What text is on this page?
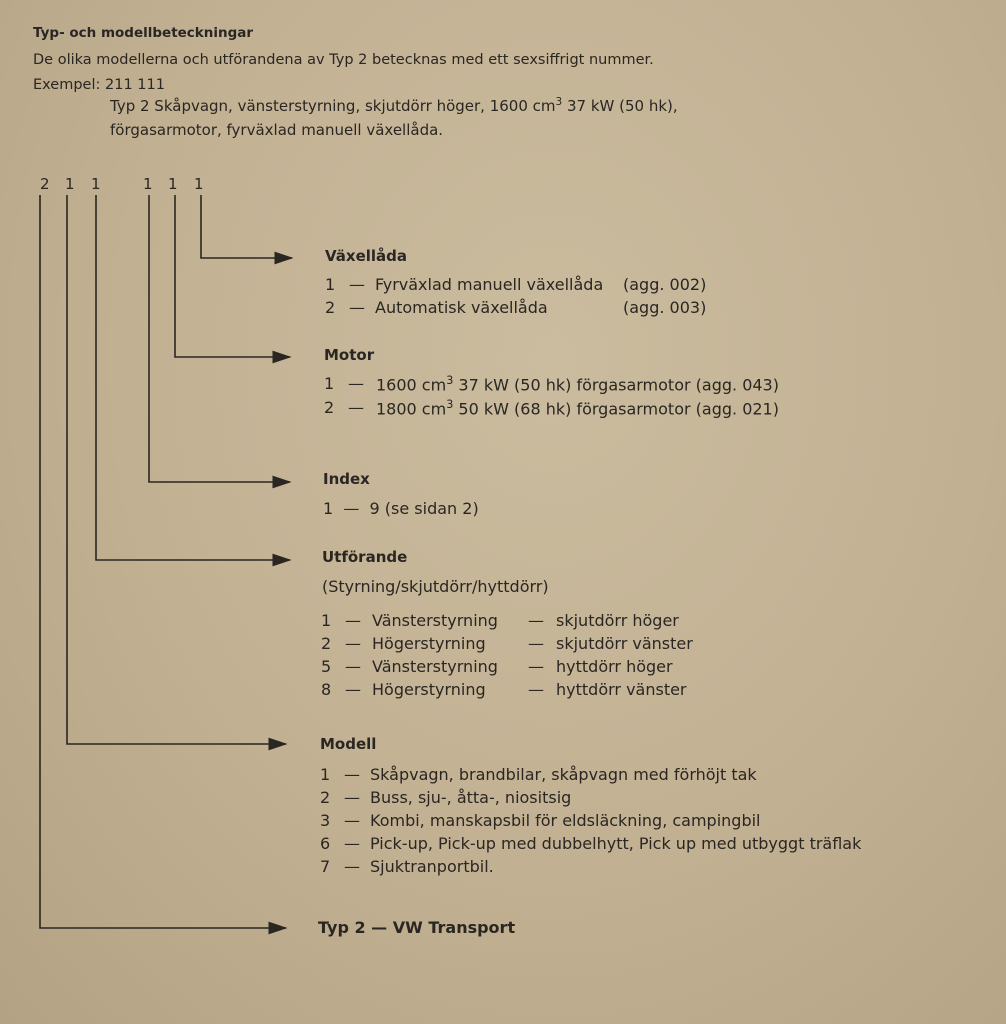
Typ- och modellbeteckningar
De olika modellerna och utförandena av Typ 2 betecknas med ett sexsiffrigt nummer.
Exempel: 211 111
Typ 2 Skåpvagn, vänsterstyrning, skjutdörr höger, 1600 $cm^3$ 37 kW (50 hk),
förgasarmotor, fyrväxlad manuell växellåda.
2 1 1	1 1 1
Växellåda
1 — Fyrväxlad manuell växellåda	(agg. 002)
2 — Automatisk växellåda	(agg. 003)
Motor
1 — 1600 $cm^3$ 37 kW (50 hk) förgasarmotor (agg. 043)
2 — 1800 $cm^3$ 50 kW (68 hk) förgasarmotor (agg. 021)
Index
1  —  9 (se sidan 2)
Utförande
(Styrning/skjutdörr/hyttdörr)
1 — Vänsterstyrning	— skjutdörr höger
2 — Högerstyrning	— skjutdörr vänster
5 — Vänsterstyrning	— hyttdörr höger
8 — Högerstyrning	— hyttdörr vänster
Modell
1 — Skåpvagn, brandbilar, skåpvagn med förhöjt tak
2 — Buss, sju-, åtta-, niositsig
3 — Kombi, manskapsbil för eldsläckning, campingbil
6 — Pick-up, Pick-up med dubbelhytt, Pick up med utbyggt träflak
7 — Sjuktranportbil.
Typ 2 — VW Transport
